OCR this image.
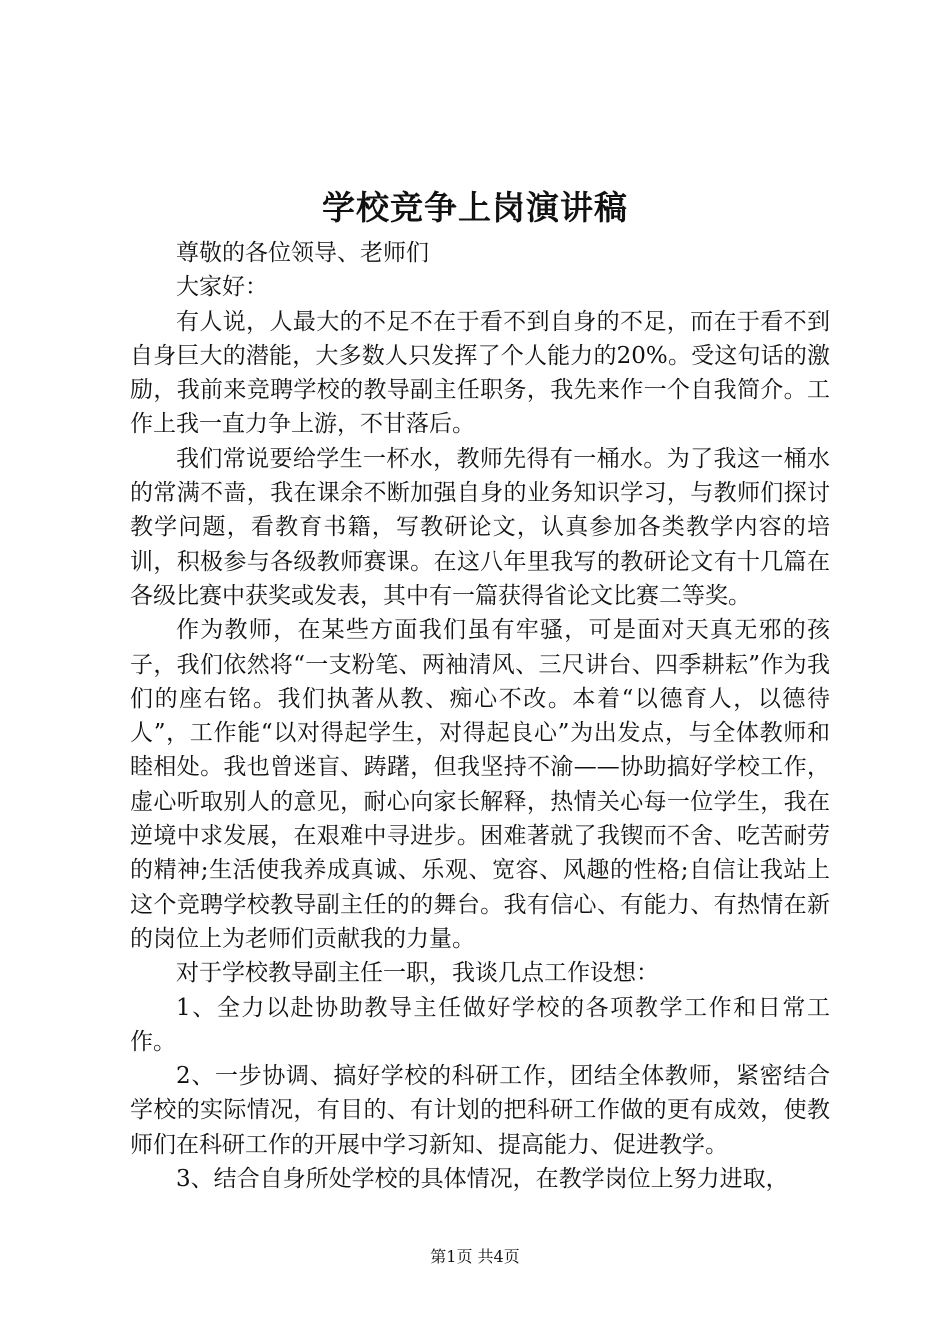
学校竞争上岗演讲稿

尊敬的各位领导、老师们

大家好：

有人说，人最大的不足不在于看不到自身的不足，而在于看不到自身巨大的潜能，大多数人只发挥了个人能力的20%。受这句话的激励，我前来竞聘学校的教导副主任职务，我先来作一个自我简介。工作上我一直力争上游，不甘落后。

我们常说要给学生一杯水，教师先得有一桶水。为了我这一桶水的常满不啬，我在课余不断加强自身的业务知识学习，与教师们探讨教学问题，看教育书籍，写教研论文，认真参加各类教学内容的培训，积极参与各级教师赛课。在这八年里我写的教研论文有十几篇在各级比赛中获奖或发表，其中有一篇获得省论文比赛二等奖。

作为教师，在某些方面我们虽有牢骚，可是面对天真无邪的孩子，我们依然将“一支粉笔、两袖清风、三尺讲台、四季耕耘”作为我们的座右铭。我们执著从教、痴心不改。本着“以德育人，以德待人”，工作能“以对得起学生，对得起良心”为出发点，与全体教师和睦相处。我也曾迷盲、踌躇，但我坚持不渝——协助搞好学校工作，虚心听取别人的意见，耐心向家长解释，热情关心每一位学生，我在逆境中求发展，在艰难中寻进步。困难著就了我锲而不舍、吃苦耐劳的精神;生活使我养成真诚、乐观、宽容、风趣的性格;自信让我站上这个竞聘学校教导副主任的的舞台。我有信心、有能力、有热情在新的岗位上为老师们贡献我的力量。

对于学校教导副主任一职，我谈几点工作设想：

1、全力以赴协助教导主任做好学校的各项教学工作和日常工作。

2、一步协调、搞好学校的科研工作，团结全体教师，紧密结合学校的实际情况，有目的、有计划的把科研工作做的更有成效，使教师们在科研工作的开展中学习新知、提高能力、促进教学。

3、结合自身所处学校的具体情况，在教学岗位上努力进取，

第1页 共4页
